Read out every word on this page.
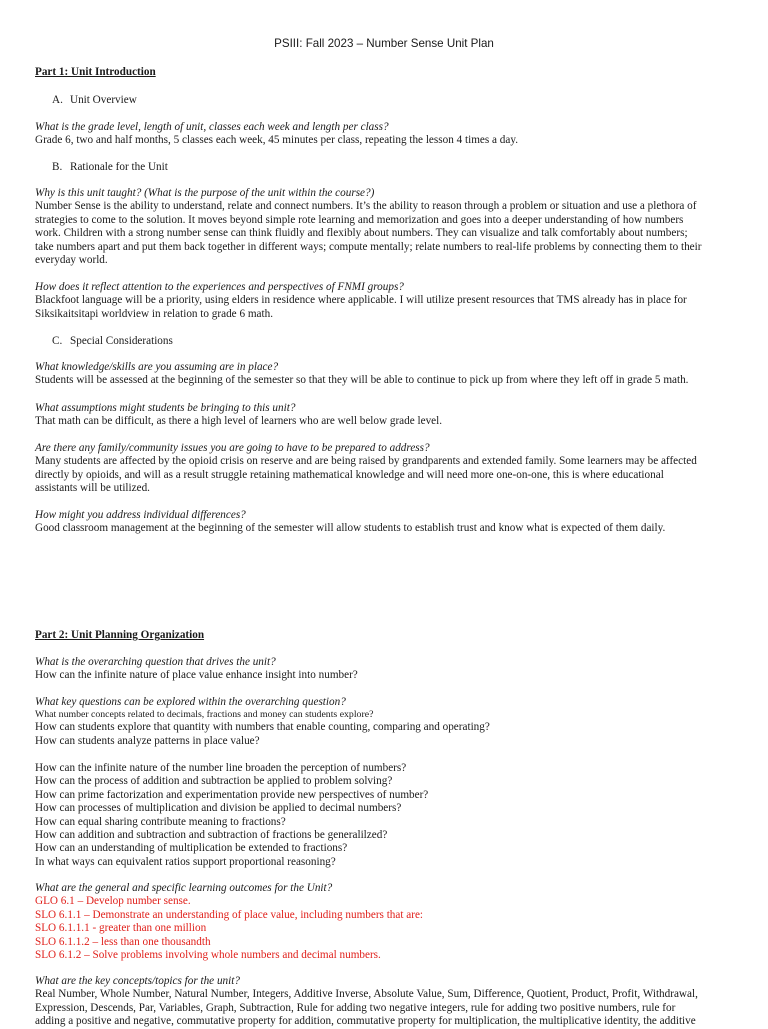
PSIII: Fall 2023 – Number Sense Unit Plan
Part 1: Unit Introduction
A. Unit Overview

What is the grade level, length of unit, classes each week and length per class?

Grade 6, two and half months, 5 classes each week, 45 minutes per class, repeating the lesson 4 times a day.

B. Rationale for the Unit

Why is this unit taught? (What is the purpose of the unit within the course?)

Number Sense is the ability to understand, relate and connect numbers. It’s the ability to reason through a problem or situation and use a plethora of

strategies to come to the solution. It moves beyond simple rote learning and memorization and goes into a deeper understanding of how numbers

work. Children with a strong number sense can think fluidly and flexibly about numbers. They can visualize and talk comfortably about numbers;

take numbers apart and put them back together in different ways; compute mentally; relate numbers to real-life problems by connecting them to their

everyday world.

How does it reflect attention to the experiences and perspectives of FNMI groups?

Blackfoot language will be a priority, using elders in residence where applicable. I will utilize present resources that TMS already has in place for

Siksikaitsitapi worldview in relation to grade 6 math.

C. Special Considerations

What knowledge/skills are you assuming are in place?

Students will be assessed at the beginning of the semester so that they will be able to continue to pick up from where they left off in grade 5 math.

What assumptions might students be bringing to this unit?

That math can be difficult, as there a high level of learners who are well below grade level.

Are there any family/community issues you are going to have to be prepared to address?

Many students are affected by the opioid crisis on reserve and are being raised by grandparents and extended family. Some learners may be affected

directly by opioids, and will as a result struggle retaining mathematical knowledge and will need more one-on-one, this is where educational

assistants will be utilized.

How might you address individual differences?

Good classroom management at the beginning of the semester will allow students to establish trust and know what is expected of them daily.

Part 2: Unit Planning Organization

What is the overarching question that drives the unit?

How can the infinite nature of place value enhance insight into number?

What key questions can be explored within the overarching question?

What number concepts related to decimals, fractions and money can students explore?

How can students explore that quantity with numbers that enable counting, comparing and operating?

How can students analyze patterns in place value?

How can the infinite nature of the number line broaden the perception of numbers?

How can the process of addition and subtraction be applied to problem solving?

How can prime factorization and experimentation provide new perspectives of number?

How can processes of multiplication and division be applied to decimal numbers?

How can equal sharing contribute meaning to fractions?

How can addition and subtraction and subtraction of fractions be generalilzed?

How can an understanding of multiplication be extended to fractions?

In what ways can equivalent ratios support proportional reasoning?

What are the general and specific learning outcomes for the Unit?

GLO 6.1 – Develop number sense.

SLO 6.1.1 – Demonstrate an understanding of place value, including numbers that are:

SLO 6.1.1.1 - greater than one million

SLO 6.1.1.2 – less than one thousandth

SLO 6.1.2 – Solve problems involving whole numbers and decimal numbers.

What are the key concepts/topics for the unit?

Real Number, Whole Number, Natural Number, Integers, Additive Inverse, Absolute Value, Sum, Difference, Quotient, Product, Profit, Withdrawal,

Expression, Descends, Par, Variables, Graph, Subtraction, Rule for adding two negative integers, rule for adding two positive numbers, rule for

adding a positive and negative, commutative property for addition, commutative property for multiplication, the multiplicative identity, the additive
